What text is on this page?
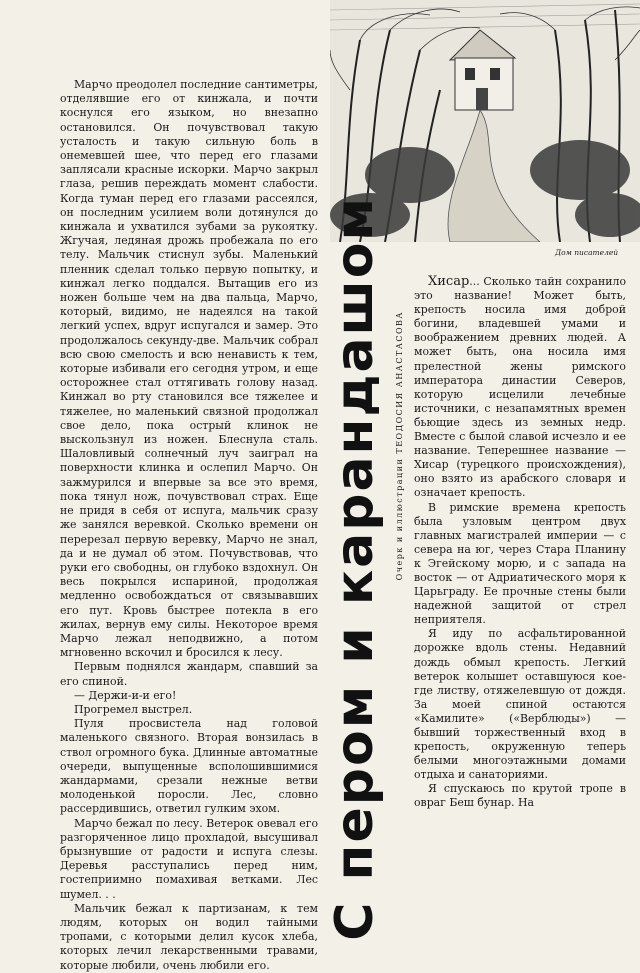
Марчо преодолел последние сантиметры, отделявшие его от кинжала, и почти коснулся его языком, но внезапно остановился. Он почувствовал такую усталость и такую сильную боль в онемевшей шее, что перед его глазами заплясали красные искорки. Марчо закрыл глаза, решив переждать момент слабости. Когда туман перед его глазами рассеялся, он последним усилием воли дотянулся до кинжала и ухватился зубами за рукоятку. Жгучая, ледяная дрожь пробежала по его телу. Мальчик стиснул зубы. Маленький пленник сделал только первую попытку, и кинжал легко поддался. Вытащив его из ножен больше чем на два пальца, Марчо, который, видимо, не надеялся на такой легкий успех, вдруг испугался и замер. Это продолжалось секунду-две. Мальчик собрал всю свою смелость и всю ненависть к тем, которые избивали его сегодня утром, и еще осторожнее стал оттягивать голову назад. Кинжал во рту становился все тяжелее и тяжелее, но маленький связной продолжал свое дело, пока острый клинок не выскользнул из ножен. Блеснула сталь. Шаловливый солнечный луч заиграл на поверхности клинка и ослепил Марчо. Он зажмурился и впервые за все это время, пока тянул нож, почувствовал страх. Еще не придя в себя от испуга, мальчик сразу же занялся веревкой. Сколько времени он перерезал первую веревку, Марчо не знал, да и не думал об этом. Почувствовав, что руки его свободны, он глубоко вздохнул. Он весь покрылся испариной, продолжая медленно освобождаться от связывавших его пут. Кровь быстрее потекла в его жилах, вернув ему силы. Некоторое время Марчо лежал неподвижно, а потом мгновенно вскочил и бросился к лесу.

Первым поднялся жандарм, спавший за его спиной.

— Держи-и-и его!

Прогремел выстрел.

Пуля просвистела над головой маленького связного. Вторая вонзилась в ствол огромного бука. Длинные автоматные очереди, выпущенные всполошившимися жандармами, срезали нежные ветви молоденькой поросли. Лес, словно рассердившись, ответил гулким эхом.

Марчо бежал по лесу. Ветерок овевал его разгоряченное лицо прохладой, высушивал брызнувшие от радости и испуга слезы. Деревья расступались перед ним, гостеприимно помахивая ветками. Лес шумел. . .

Мальчик бежал к партизанам, к тем людям, которых он водил тайными тропами, с которыми делил кусок хлеба, которых лечил лекарственными травами, которые любили, очень любили его.

Дом писателей
С пером и карандашом Очерк и иллюстрации ТЕОДОСИЯ АНАСТАСОВА

Хисар... Сколько тайн сохранило это название! Может быть, крепость носила имя доброй богини, владевшей умами и воображением древних людей. А может быть, она носила имя прелестной жены римского императора династии Северов, которую исцелили лечебные источники, с незапамятных времен бьющие здесь из земных недр. Вместе с былой славой исчезло и ее название. Теперешнее название — Хисар (турецкого происхождения), оно взято из арабского словаря и означает крепость.

В римские времена крепость была узловым центром двух главных магистралей империи — с севера на юг, через Стара Планину к Эгейскому морю, и с запада на восток — от Адриатического моря к Царьграду. Ее прочные стены были надежной защитой от стрел неприятеля.

Я иду по асфальтированной дорожке вдоль стены. Недавний дождь обмыл крепость. Легкий ветерок колышет оставшуюся кое-где листву, отяжелевшую от дождя. За моей спиной остаются «Камилите» («Верблюды») — бывший торжественный вход в крепость, окруженную теперь белыми многоэтажными домами отдыха и санаториями.

Я спускаюсь по крутой тропе в овраг Беш бунар. На
